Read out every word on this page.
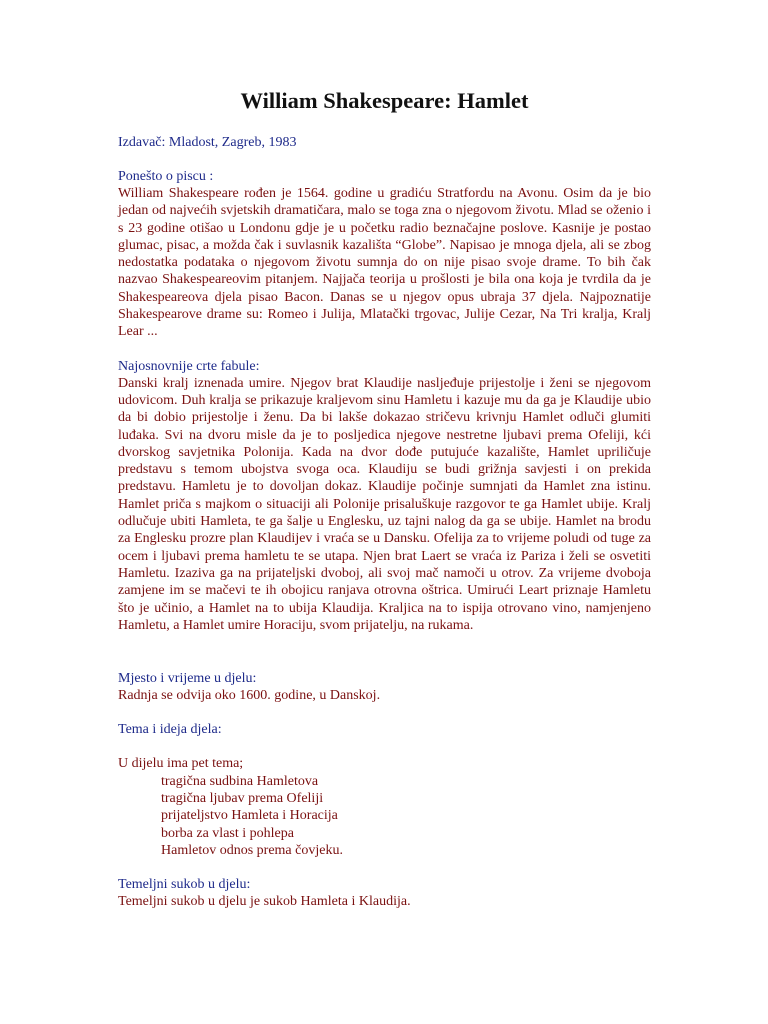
William Shakespeare: Hamlet

Izdavač: Mladost, Zagreb, 1983

Ponešto o piscu :

William Shakespeare rođen je 1564. godine u gradiću Stratfordu na Avonu. Osim da je bio jedan od najvećih svjetskih dramatičara, malo se toga zna o njegovom životu. Mlad se oženio i s 23 godine otišao u Londonu gdje je u početku radio beznačajne poslove. Kasnije je postao glumac, pisac, a možda čak i suvlasnik kazališta “Globe”. Napisao je mnoga djela, ali se zbog nedostatka podataka o njegovom životu sumnja do on nije pisao svoje drame. To bih čak nazvao Shakespeareovim pitanjem. Najjača teorija u prošlosti je bila ona koja je tvrdila da je Shakespeareova djela pisao Bacon. Danas se u njegov opus ubraja 37 djela. Najpoznatije Shakespearove drame su: Romeo i Julija, Mlatački trgovac, Julije Cezar, Na Tri kralja, Kralj Lear ...

Najosnovnije crte fabule:

Danski kralj iznenada umire. Njegov brat Klaudije nasljeđuje prijestolje i ženi se njegovom udovicom. Duh kralja se prikazuje kraljevom sinu Hamletu i kazuje mu da ga je Klaudije ubio da bi dobio prijestolje i ženu. Da bi lakše dokazao stričevu krivnju Hamlet odluči glumiti luđaka. Svi na dvoru misle da je to posljedica njegove nestretne ljubavi prema Ofeliji, kći dvorskog savjetnika Polonija. Kada na dvor dođe putujuće kazalište, Hamlet upriličuje predstavu s temom ubojstva svoga oca. Klaudiju se budi grižnja savjesti i on prekida predstavu. Hamletu je to dovoljan dokaz. Klaudije počinje sumnjati da Hamlet zna istinu. Hamlet priča s majkom o situaciji ali Polonije prisaluškuje razgovor te ga Hamlet ubije. Kralj odlučuje ubiti Hamleta, te ga šalje u Englesku, uz tajni nalog da ga se ubije. Hamlet na brodu za Englesku prozre plan Klaudijev i vraća se u Dansku. Ofelija za to vrijeme poludi od tuge za ocem i ljubavi prema hamletu te se utapa. Njen brat Laert se vraća iz Pariza i želi se osvetiti Hamletu. Izaziva ga na prijateljski dvoboj, ali svoj mač namoči u otrov. Za vrijeme dvoboja zamjene im se mačevi te ih obojicu ranjava otrovna oštrica. Umirući Leart priznaje Hamletu što je učinio, a Hamlet na to ubija Klaudija. Kraljica na to ispija otrovano vino, namjenjeno Hamletu, a Hamlet umire Horaciju, svom prijatelju, na rukama.

Mjesto i vrijeme u djelu:

Radnja se odvija oko 1600. godine, u Danskoj.

Tema i ideja djela:

U dijelu ima pet tema;

tragična sudbina Hamletova
tragična ljubav prema Ofeliji
prijateljstvo Hamleta i Horacija
borba za vlast i pohlepa
Hamletov odnos prema čovjeku.

Temeljni sukob u djelu:

Temeljni sukob u djelu je sukob Hamleta i Klaudija.
